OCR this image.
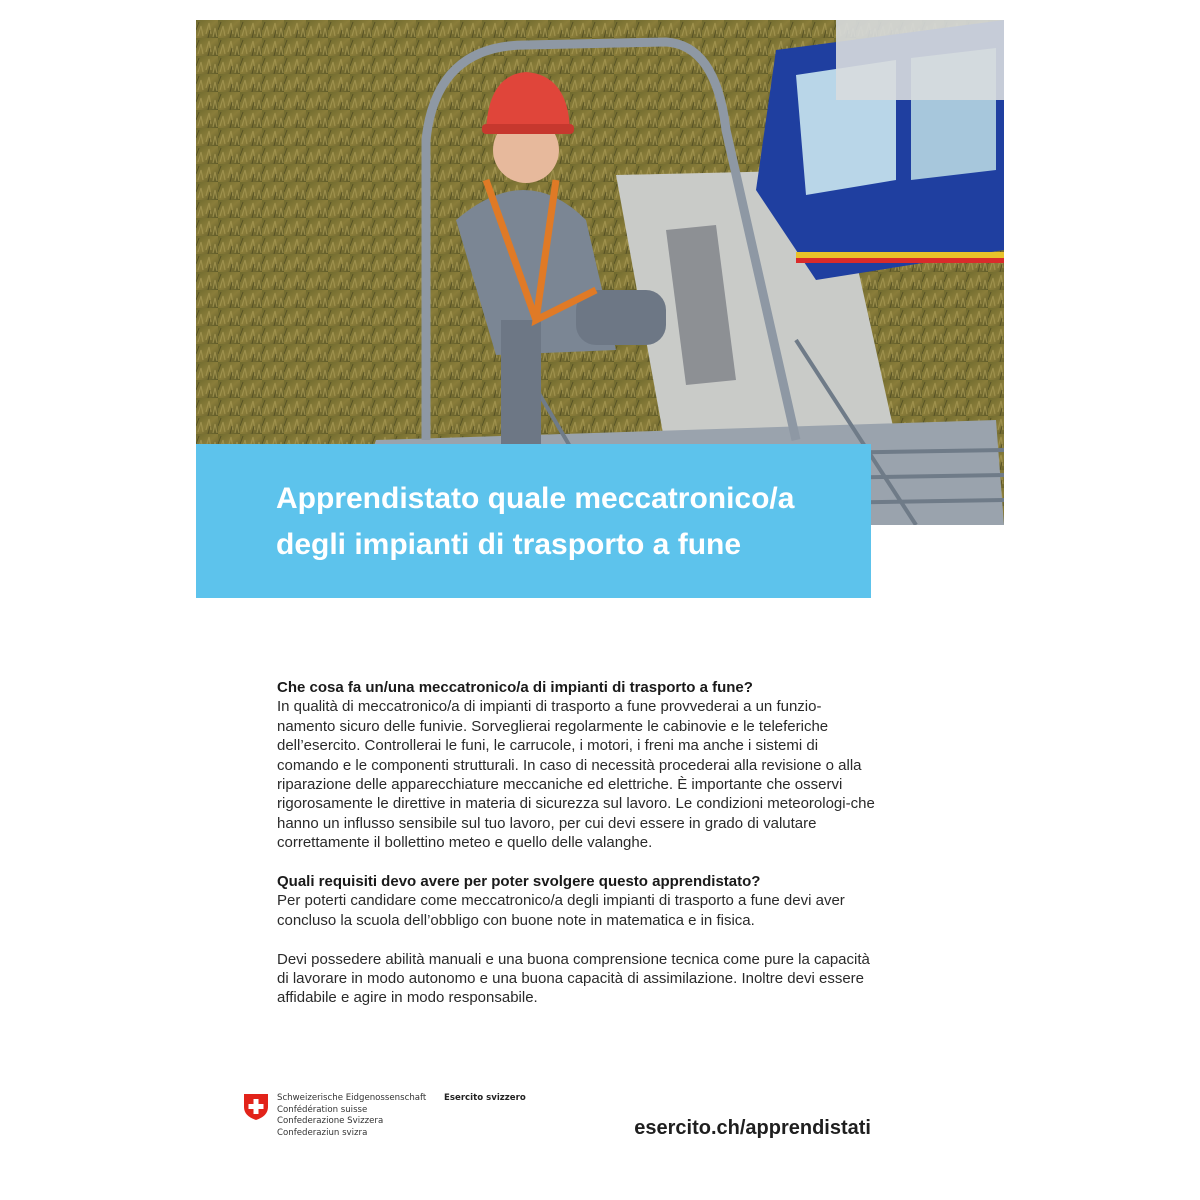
Apprendistato quale meccatronico/a
degli impianti di trasporto a fune
Che cosa fa un/una meccatronico/a di impianti di trasporto a fune?

In qualità di meccatronico/a di impianti di trasporto a fune provvederai a un funzio-namento sicuro delle funivie. Sorveglierai regolarmente le cabinovie e le teleferiche dell’esercito. Controllerai le funi, le carrucole, i motori, i freni ma anche i sistemi di comando e le componenti strutturali. In caso di necessità procederai alla revisione o alla riparazione delle apparecchiature meccaniche ed elettriche. È importante che osservi rigorosamente le direttive in materia di sicurezza sul lavoro. Le condizioni meteorologi-che hanno un influsso sensibile sul tuo lavoro, per cui devi essere in grado di valutare correttamente il bollettino meteo e quello delle valanghe.

Quali requisiti devo avere per poter svolgere questo apprendistato?

Per poterti candidare come meccatronico/a degli impianti di trasporto a fune devi aver concluso la scuola dell’obbligo con buone note in matematica e in fisica.

Devi possedere abilità manuali e una buona comprensione tecnica come pure la capacità di lavorare in modo autonomo e una buona capacità di assimilazione. Inoltre devi essere affidabile e agire in modo responsabile.

Schweizerische Eidgenossenschaft
Confédération suisse
Confederazione Svizzera
Confederaziun svizra
Esercito svizzero
esercito.ch/apprendistati
